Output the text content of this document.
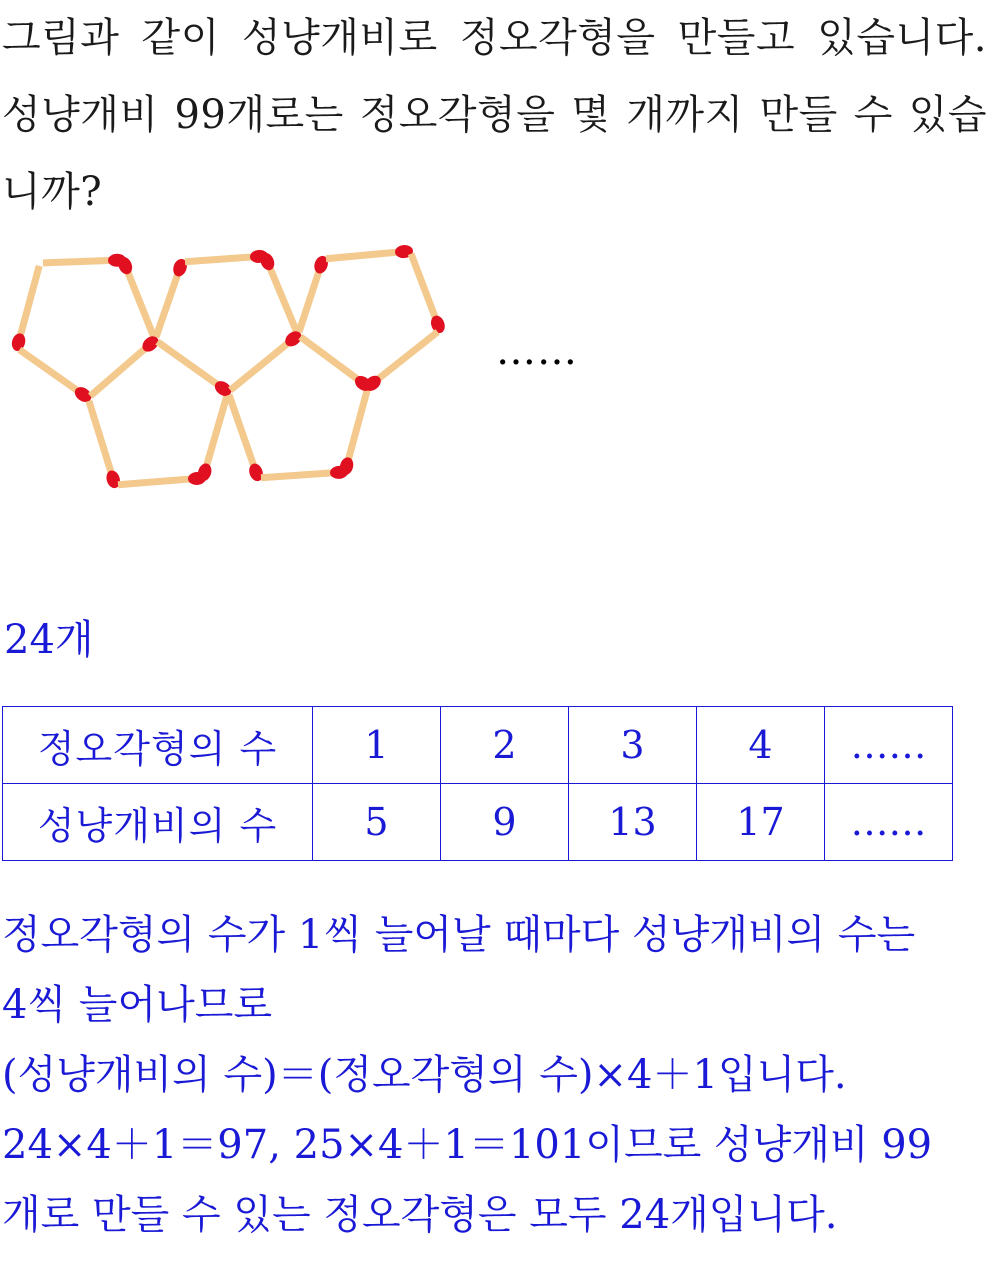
그림과 같이 성냥개비로 정오각형을 만들고 있습니다. 성냥개비 99개로는 정오각형을 몇 개까지 만들 수 있습니까?

……
24개
정오각형의 수	1	2	3	4	……
성냥개비의 수	5	9	13	17	……

정오각형의 수가 1씩 늘어날 때마다 성냥개비의 수는

4씩 늘어나므로

(성냥개비의 수)＝(정오각형의 수)×4＋1입니다.

24×4＋1＝97, 25×4＋1＝101이므로 성냥개비 99

개로 만들 수 있는 정오각형은 모두 24개입니다.
